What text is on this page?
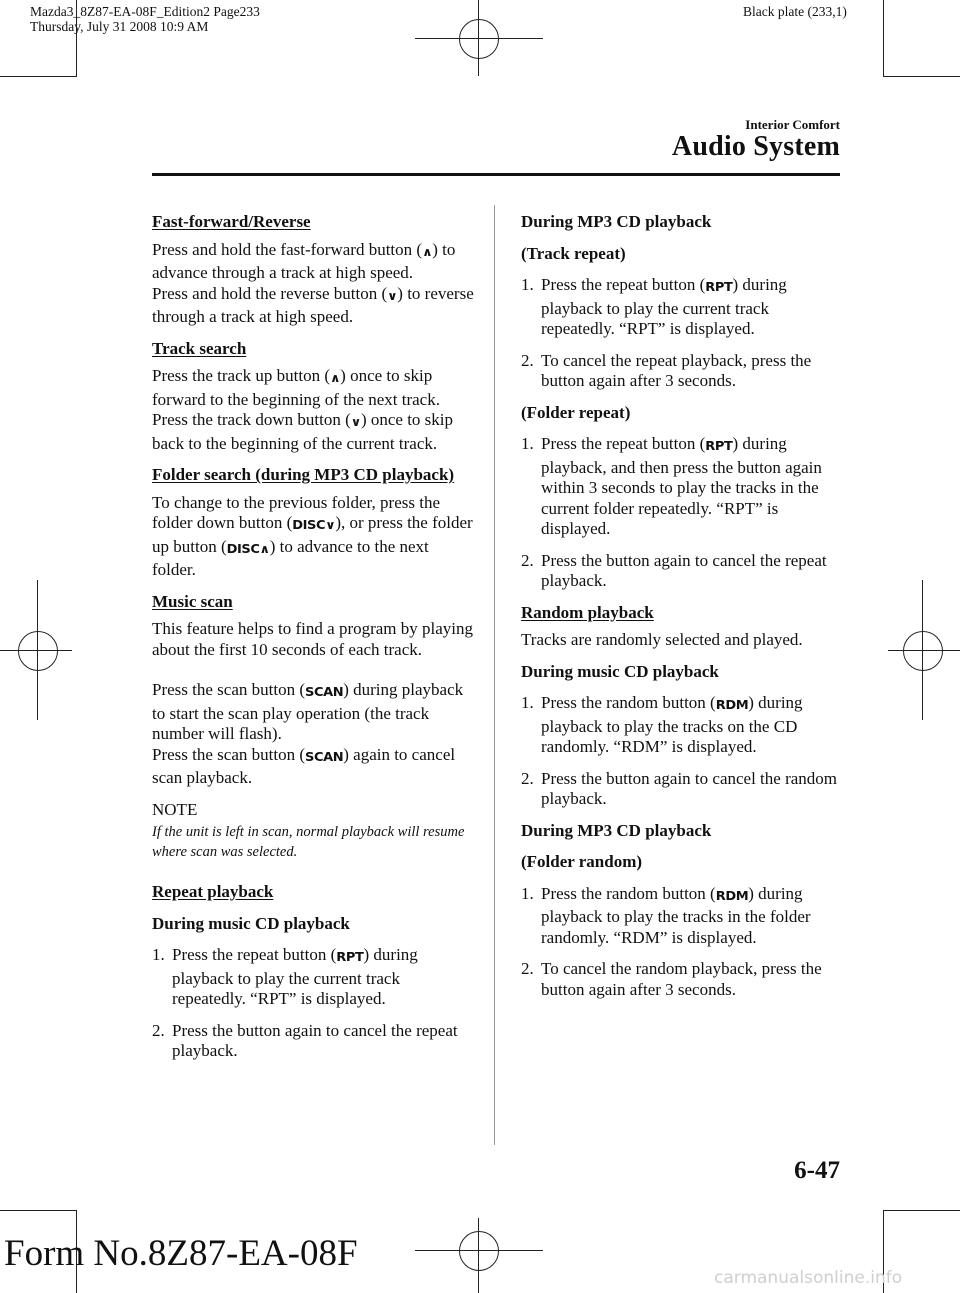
Mazda3_8Z87-EA-08F_Edition2 Page233
Thursday, July 31 2008 10:9 AM
Black plate (233,1)
Interior Comfort
Audio System
Fast-forward/Reverse

Press and hold the fast-forward button (∧) to advance through a track at high speed.
Press and hold the reverse button (∨) to reverse through a track at high speed.

Track search

Press the track up button (∧) once to skip forward to the beginning of the next track.
Press the track down button (∨) once to skip back to the beginning of the current track.

Folder search (during MP3 CD playback)

To change to the previous folder, press the folder down button (DISC∨), or press the folder up button (DISC∧) to advance to the next folder.

Music scan

This feature helps to find a program by playing about the first 10 seconds of each track.

Press the scan button (SCAN) during playback to start the scan play operation (the track number will flash).
Press the scan button (SCAN) again to cancel scan playback.

NOTE
If the unit is left in scan, normal playback will resume where scan was selected.
Repeat playback
During music CD playback
1. Press the repeat button (RPT) during playback to play the current track repeatedly. “RPT” is displayed.
2. Press the button again to cancel the repeat playback.
During MP3 CD playback
(Track repeat)
1. Press the repeat button (RPT) during playback to play the current track repeatedly. “RPT” is displayed.
2. To cancel the repeat playback, press the button again after 3 seconds.
(Folder repeat)
1. Press the repeat button (RPT) during playback, and then press the button again within 3 seconds to play the tracks in the current folder repeatedly. “RPT” is displayed.
2. Press the button again to cancel the repeat playback.
Random playback

Tracks are randomly selected and played.

During music CD playback
1. Press the random button (RDM) during playback to play the tracks on the CD randomly. “RDM” is displayed.
2. Press the button again to cancel the random playback.
During MP3 CD playback
(Folder random)
1. Press the random button (RDM) during playback to play the tracks in the folder randomly. “RDM” is displayed.
2. To cancel the random playback, press the button again after 3 seconds.
6-47
Form No.8Z87-EA-08F
carmanualsonline.info
